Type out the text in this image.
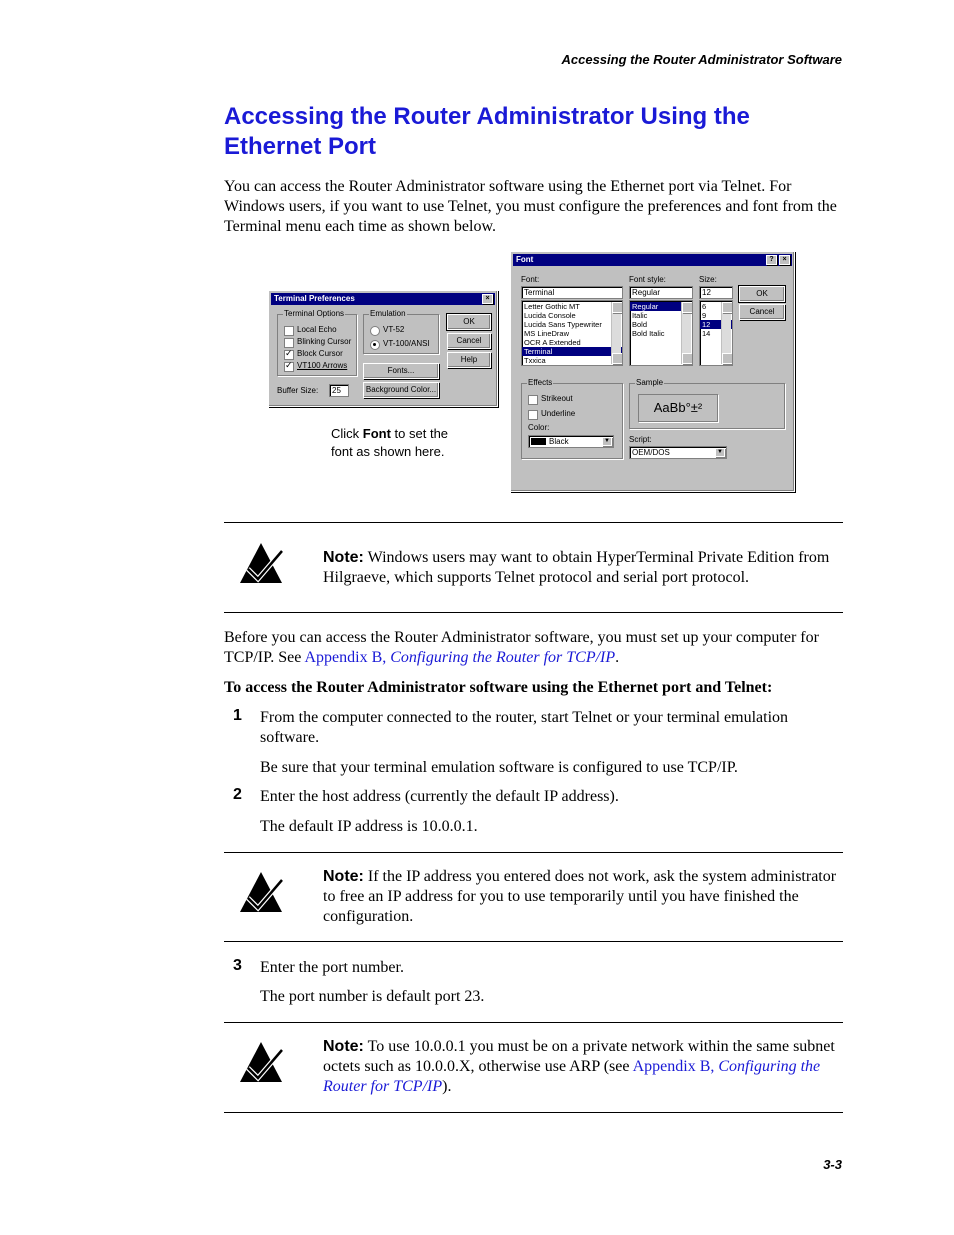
Accessing the Router Administrator Software
Accessing the Router Administrator Using the Ethernet Port

You can access the Router Administrator software using the Ethernet port via Telnet. For Windows users, if you want to use Telnet, you must configure the preferences and font from the Terminal menu each time as shown below.

Terminal Preferences	×
Terminal Options
Local Echo
Blinking Cursor
Block Cursor ✓
VT100 Arrows ✓
Emulation
VT-52
VT-100/ANSI
OK
Cancel
Help
Fonts...
Buffer Size:	25	Background Color...
Font	?	×
Font:
Terminal
Letter Gothic MT
Lucida Console
Lucida Sans Typewriter
MS LineDraw
OCR A Extended
Terminal
Txxica
Font style:
Regular
Regular
Italic
Bold
Bold Italic
Size:
12
6
9
12
14
OK
Cancel
Effects
Strikeout
Underline
Color:
Black	▼
Sample
AaBb°±²
Script:
OEM/DOS	▼
Click Font to set the font as shown here.

Note: Windows users may want to obtain HyperTerminal Private Edition from Hilgraeve, which supports Telnet protocol and serial port protocol.

Before you can access the Router Administrator software, you must set up your computer for TCP/IP. See Appendix B, Configuring the Router for TCP/IP.

To access the Router Administrator software using the Ethernet port and Telnet:

1 From the computer connected to the router, start Telnet or your terminal emulation software.

Be sure that your terminal emulation software is configured to use TCP/IP.

2 Enter the host address (currently the default IP address).

The default IP address is 10.0.0.1.

Note: If the IP address you entered does not work, ask the system administrator to free an IP address for you to use temporarily until you have finished the configuration.

3 Enter the port number.

The port number is default port 23.

Note: To use 10.0.0.1 you must be on a private network within the same subnet octets such as 10.0.0.X, otherwise use ARP (see Appendix B, Configuring the Router for TCP/IP).

3-3
